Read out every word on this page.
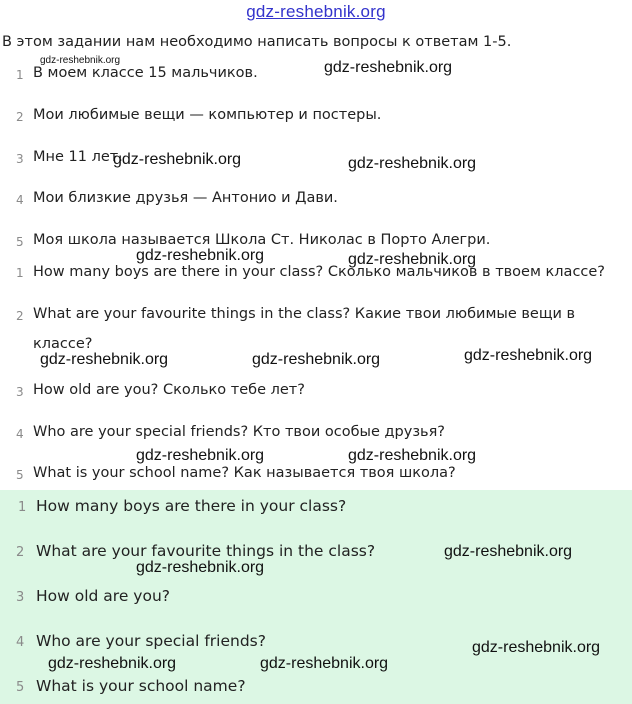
gdz-reshebnik.org
В этом задании нам необходимо написать вопросы к ответам 1-5.
1 В моем классе 15 мальчиков.
2 Мои любимые вещи — компьютер и постеры.
3 Мне 11 лет.
4 Мои близкие друзья — Антонио и Дави.
5 Моя школа называется Школа Ст. Николас в Порто Алегри.
1 How many boys are there in your class? Сколько мальчиков в твоем классе?
2 What are your favourite things in the class? Какие твои любимые вещи в классе?
3 How old are you? Сколько тебе лет?
4 Who are your special friends? Кто твои особые друзья?
5 What is your school name? Как называется твоя школа?
1 How many boys are there in your class?
2 What are your favourite things in the class?
3 How old are you?
4 Who are your special friends?
5 What is your school name?
gdz-reshebnik.org	gdz-reshebnik.org
gdz-reshebnik.org	gdz-reshebnik.org
gdz-reshebnik.org	gdz-reshebnik.org
gdz-reshebnik.org	gdz-reshebnik.org	gdz-reshebnik.org
gdz-reshebnik.org	gdz-reshebnik.org
gdz-reshebnik.org
gdz-reshebnik.org
gdz-reshebnik.org
gdz-reshebnik.org	gdz-reshebnik.org
